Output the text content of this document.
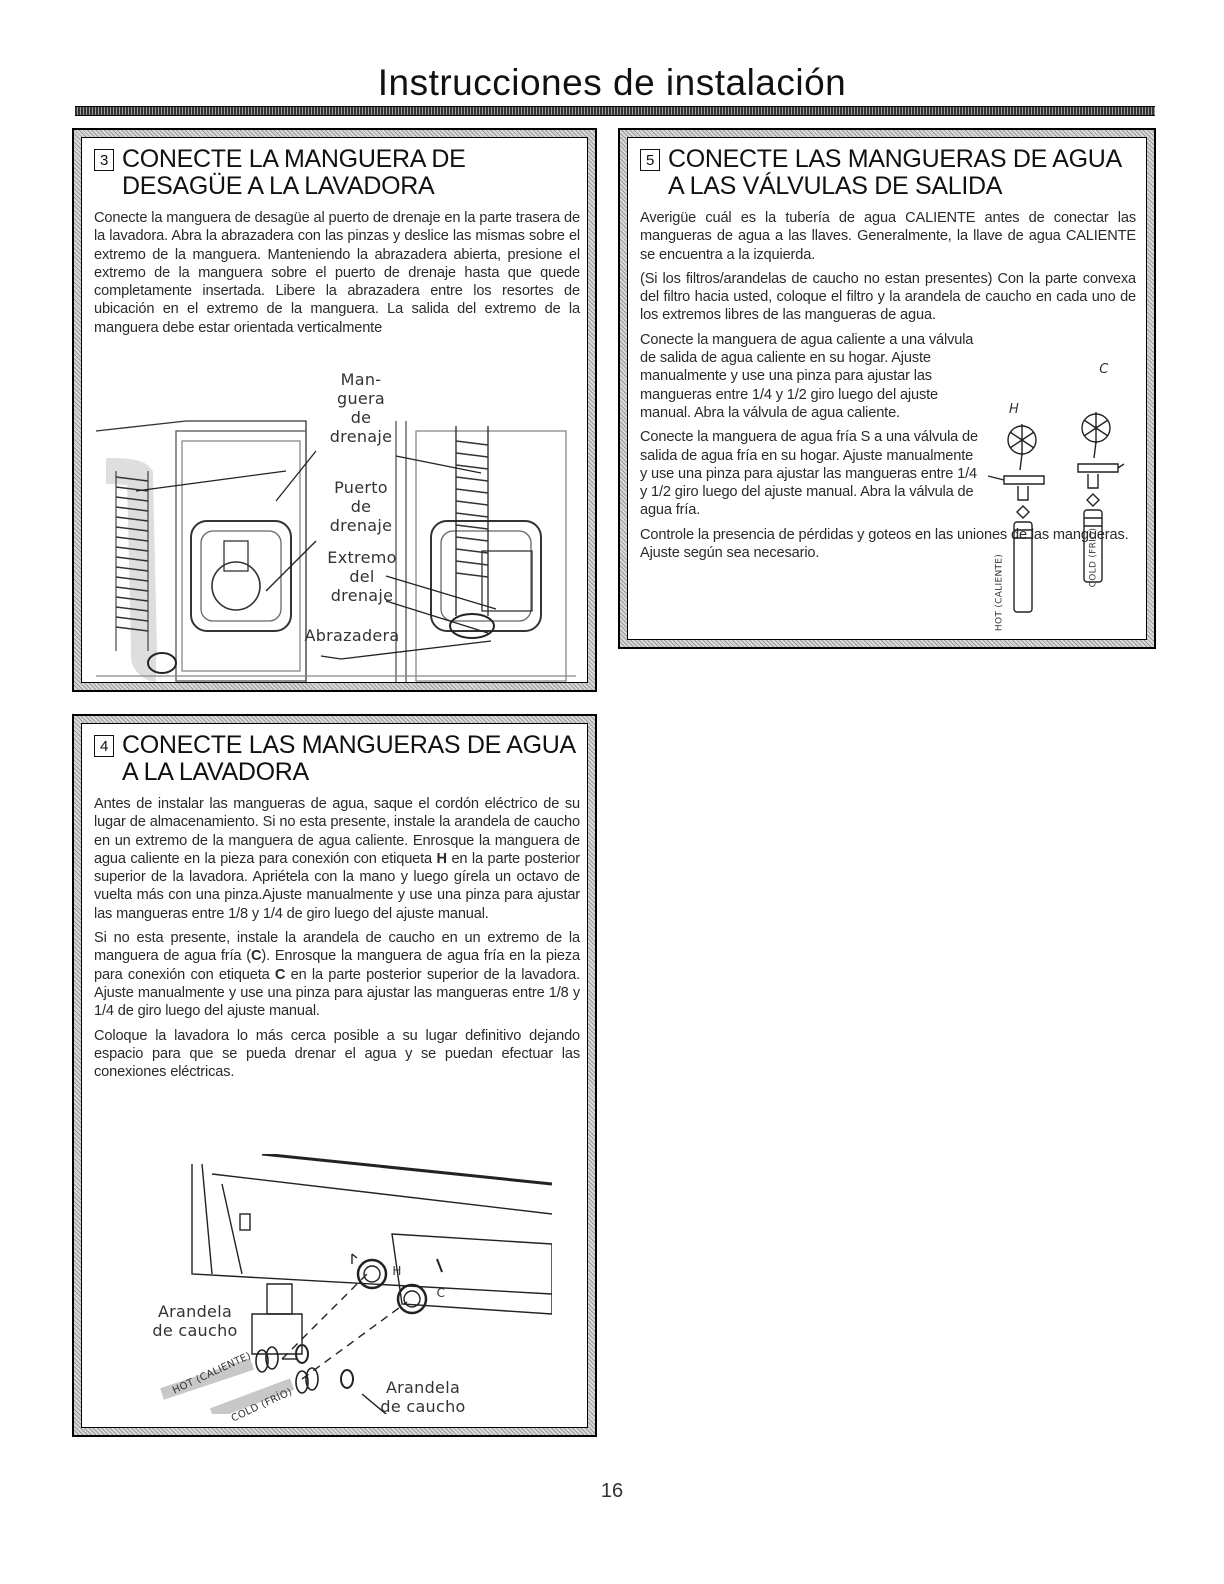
Instrucciones de instalación
3 CONECTE LA MANGUERA DE DESAGÜE A LA LAVADORA

Conecte la manguera de desagüe al puerto de drenaje en la parte trasera de la lavadora. Abra la abrazadera con las pinzas y deslice las mismas sobre el extremo de la manguera. Manteniendo la abrazadera abierta, presione el extremo de la manguera sobre el puerto de drenaje hasta que quede completamente insertada. Libere la abrazadera entre los resortes de ubicación en el extremo de la manguera. La salida del extremo de la manguera debe estar orientada verticalmente

Man-
guera
de
drenaje
Puerto
de
drenaje
Extremo
del
drenaje
Abrazadera
5 CONECTE LAS MANGUERAS DE AGUA A LAS VÁLVULAS DE SALIDA

Averigüe cuál es la tubería de agua CALIENTE antes de conectar las mangueras de agua a las llaves. Generalmente, la llave de agua CALIENTE se encuentra a la izquierda.

(Si los filtros/arandelas de caucho no estan presentes) Con la parte convexa del filtro hacia usted, coloque el filtro y la arandela de caucho en cada uno de los extremos libres de las mangueras de agua.

Conecte la manguera de agua caliente a una válvula de salida de agua caliente en su hogar. Ajuste manualmente y use una pinza para ajustar las mangueras entre 1/4 y 1/2 giro luego del ajuste manual. Abra la válvula de agua caliente.

Conecte la manguera de agua fría S a una válvula de salida de agua fría en su hogar. Ajuste manualmente y use una pinza para ajustar las mangueras entre 1/4 y 1/2 giro luego del ajuste manual. Abra la válvula de agua fría.

Controle la presencia de pérdidas y goteos en las uniones de las mangueras. Ajuste según sea necesario.

H
C
HOT (CALIENTE)	COLD (FRÍO)
4 CONECTE LAS MANGUERAS DE AGUA A LA LAVADORA

Antes de instalar las mangueras de agua, saque el cordón eléctrico de su lugar de almacenamiento. Si no esta presente, instale la arandela de caucho en un extremo de la manguera de agua caliente. Enrosque la manguera de agua caliente en la pieza para conexión con etiqueta H en la parte posterior superior de la lavadora. Apriétela con la mano y luego gírela un octavo de vuelta más con una pinza.Ajuste manualmente y use una pinza para ajustar las mangueras entre 1/8 y 1/4 de giro luego del ajuste manual.

Si no esta presente, instale la arandela de caucho en un extremo de la manguera de agua fría (C). Enrosque la manguera de agua fría en la pieza para conexión con etiqueta C en la parte posterior superior de la lavadora. Ajuste manualmente y use una pinza para ajustar las mangueras entre 1/8 y 1/4 de giro luego del ajuste manual.

Coloque la lavadora lo más cerca posible a su lugar definitivo dejando espacio para que se pueda drenar el agua y se puedan efectuar las conexiones eléctricas.

Arandela
de caucho
Arandela
de caucho
HOT (CALIENTE)
COLD (FRÍO)
H
C
16
